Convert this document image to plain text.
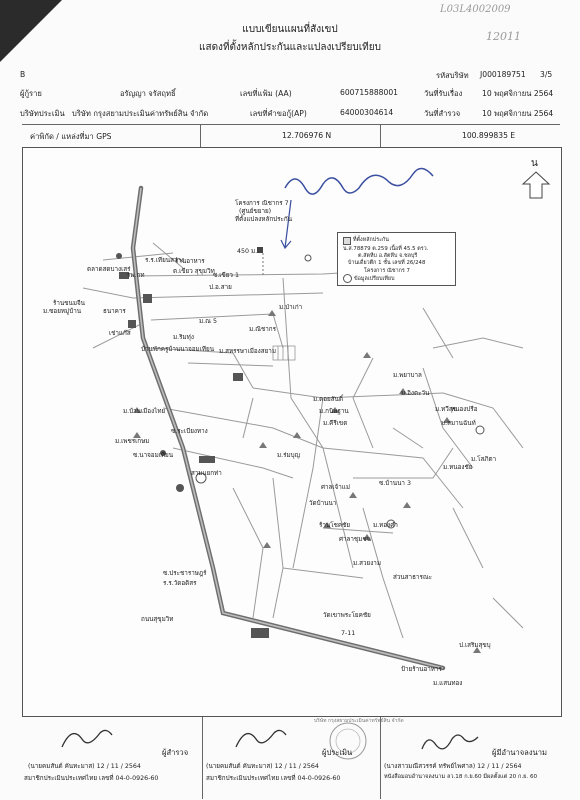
L03L4002009
12011
แบบเขียนแผนที่สังเขป
แสดงที่ตั้งหลักประกันและแปลงเปรียบเทียบ
B	รหัสบริษัท J000189751 3/5
ผู้กู้ราย	อรัญญา จรัสฤทธิ์	เลขที่แฟ้ม (AA)	600715888001	วันที่รับเรื่อง	10 พฤศจิกายน 2564
บริษัทประเมิน บริษัท กรุงสยามประเมินค่าทรัพย์สิน จำกัด	เลขที่คำขอกู้(AP)	64000304614	วันที่สำรวจ	10 พฤศจิกายน 2564
ค่าพิกัด / แหล่งที่มา GPS	12.706976 N	100.899835 E
โครงการ ณิชากร 7
(ศูนย์ขยาย)
ที่ตั้งแปลงหลักประกัน
450 ม.
ร.ร.เทียนสว่าง
ตลาดสดบางเสร่
รพ.กท
ต.เขียว สุขุมวิท
ป.อ.สาย
ร้านอาหาร
ซ.เขียว 1
ร้านขนมจีน
ม.ซอยหมู่บ้าน	ธนาคาร
เช่าแก๊ส
บ้านพักครูบ้านนาจอมเทียน
ม.ป่าเก่า
ม.ณิชากร
ม.สหรรษาเมืองสยาม
ม.ณ 5
ม.ริมทุ่ง
ม.ดอยสันติ์
ม.กนิษฐาน
ม.คีรีเขต
ซ.ระเบียงทาง
ม.บ้านเมืองไทย
ม.เพชรเกษม
ซ.นาจอมเทียน
สามแยกท่า
ม.อิงตะวัน
ม.พยาบาล
ม.ทวีสุข
ม.สมานฉันท์
ม.โสภิตา
ม.ร่มบุญ
ซ.ประชาราษฎร์
ร.ร.วัดอดิสร
วัดบ้านนา
ร้านโชคชัย
ศาลาชุมชน
ม.ทองคำ
ส่วนสาธารณะ
วัดเขาพระโยคชัย
ศาลเจ้าแม่
7-11
ม.สวยงาม
ม.หนองชัย
ป.เสริมสุขบุ
ม.แสนทอง
ถนนสุขุมวิท
ซ.บ้านนา 3
ป้ายร้านอาหาร
หนองปรือ
ที่ตั้งหลักประกัน
น.ส.78879 ต.259 เนื้อที่ 45.5 ตรว.
ต.สัตหีบ อ.สัตหีบ จ.ชลบุรี
บ้านเดี่ยวตึก 1 ชั้น เลขที่ 26/248
โครงการ ณิชากร 7
ข้อมูลเปรียบเทียบ
น
บริษัท กรุงสยามประเมินค่าทรัพย์สิน จำกัด
ผู้สำรวจ
(นายคมสันต์ คันทะมาส) 12 / 11 / 2564
สมาชิกประเมินประเทศไทย เลขที่ 04-0-0926-60
ผู้ประเมิน
(นายคมสันต์ คันทะมาส) 12 / 11 / 2564
สมาชิกประเมินประเทศไทย เลขที่ 04-0-0926-60
ผู้มีอำนาจลงนาม
(นางสาวมณีสวรรค์ ทรัพย์ไพศาล) 12 / 11 / 2564
หนังสือมอบอำนาจลงนาม ลว.18 ก.ย.60 มีผลตั้งแต่ 20 ก.ย. 60
